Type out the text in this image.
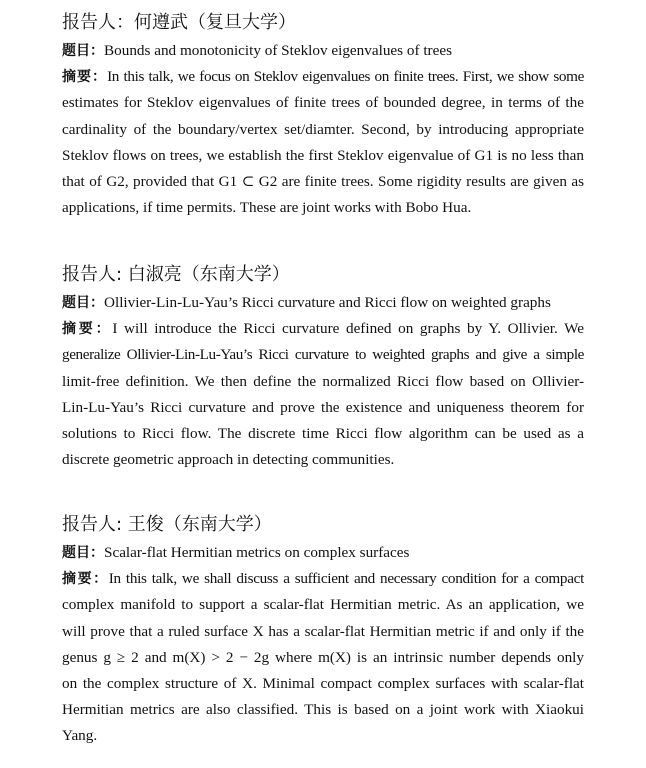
报告人：何遵武（复旦大学）
题目：Bounds and monotonicity of Steklov eigenvalues of trees
摘要：In this talk, we focus on Steklov eigenvalues on finite trees. First, we show some
estimates for Steklov eigenvalues of finite trees of bounded degree, in terms of the
cardinality of the boundary/vertex set/diamter. Second, by introducing appropriate
Steklov flows on trees, we establish the first Steklov eigenvalue of G1 is no less than
that of G2, provided that G1 ⊂ G2 are finite trees. Some rigidity results are given as
applications, if time permits. These are joint works with Bobo Hua.
报告人: 白淑亮（东南大学）
题目：Ollivier-Lin-Lu-Yau’s Ricci curvature and Ricci flow on weighted graphs
摘要：I will introduce the Ricci curvature defined on graphs by Y. Ollivier. We
generalize Ollivier-Lin-Lu-Yau’s Ricci curvature to weighted graphs and give a simple
limit-free definition. We then define the normalized Ricci flow based on Ollivier-
Lin-Lu-Yau’s Ricci curvature and prove the existence and uniqueness theorem for
solutions to Ricci flow. The discrete time Ricci flow algorithm can be used as a
discrete geometric approach in detecting communities.
报告人: 王俊（东南大学）
题目：Scalar-flat Hermitian metrics on complex surfaces
摘要：In this talk, we shall discuss a sufficient and necessary condition for a compact
complex manifold to support a scalar-flat Hermitian metric. As an application, we
will prove that a ruled surface X has a scalar-flat Hermitian metric if and only if the
genus g ≥ 2 and m(X) > 2 − 2g where m(X) is an intrinsic number depends only
on the complex structure of X. Minimal compact complex surfaces with scalar-flat
Hermitian metrics are also classified. This is based on a joint work with Xiaokui
Yang.
